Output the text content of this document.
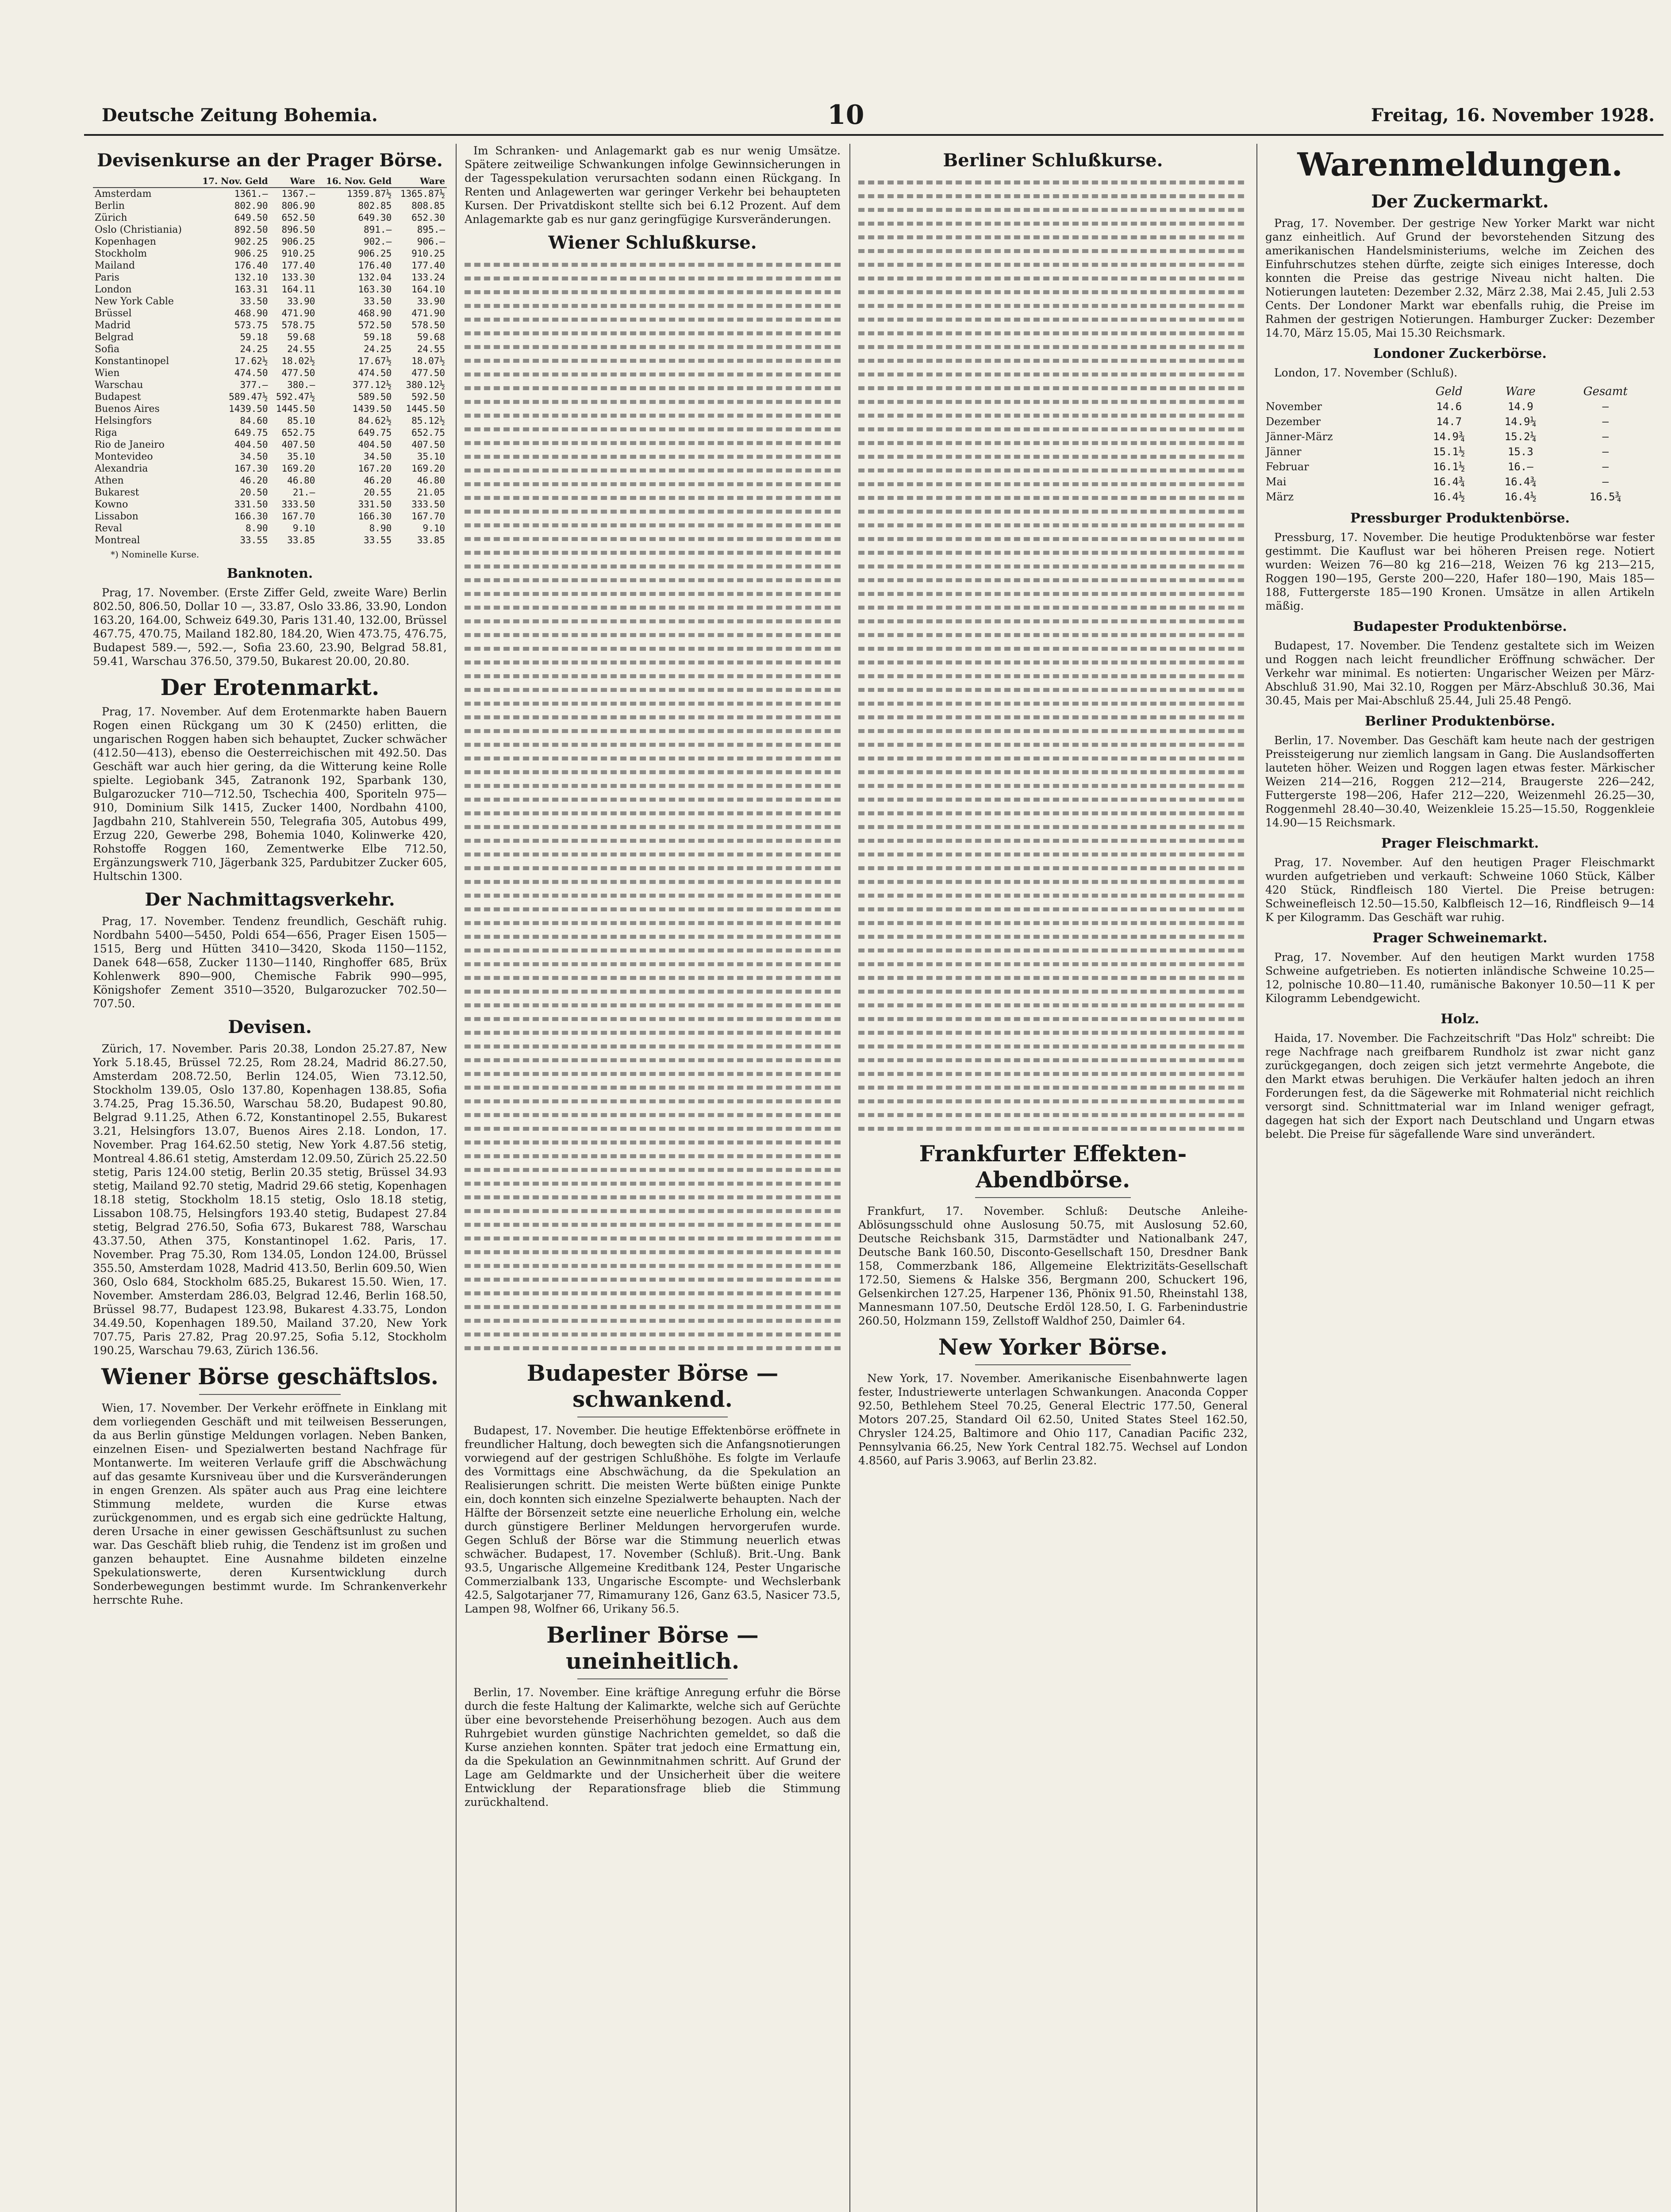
Deutsche Zeitung Bohemia.	10	Freitag, 16. November 1928.
Devisenkurse an der Prager Börse.
	17. Nov. Geld	Ware	16. Nov. Geld	Ware
Amsterdam	1361.—	1367.—	1359.87½	1365.87½
Berlin	802.90	806.90	802.85	808.85
Zürich	649.50	652.50	649.30	652.30
Oslo (Christiania)	892.50	896.50	891.—	895.—
Kopenhagen	902.25	906.25	902.—	906.—
Stockholm	906.25	910.25	906.25	910.25
Mailand	176.40	177.40	176.40	177.40
Paris	132.10	133.30	132.04	133.24
London	163.31	164.11	163.30	164.10
New York Cable	33.50	33.90	33.50	33.90
Brüssel	468.90	471.90	468.90	471.90
Madrid	573.75	578.75	572.50	578.50
Belgrad	59.18	59.68	59.18	59.68
Sofia	24.25	24.55	24.25	24.55
Konstantinopel	17.62½	18.02½	17.67½	18.07½
Wien	474.50	477.50	474.50	477.50
Warschau	377.—	380.—	377.12½	380.12½
Budapest	589.47½	592.47½	589.50	592.50
Buenos Aires	1439.50	1445.50	1439.50	1445.50
Helsingfors	84.60	85.10	84.62½	85.12½
Riga	649.75	652.75	649.75	652.75
Rio de Janeiro	404.50	407.50	404.50	407.50
Montevideo	34.50	35.10	34.50	35.10
Alexandria	167.30	169.20	167.20	169.20
Athen	46.20	46.80	46.20	46.80
Bukarest	20.50	21.—	20.55	21.05
Kowno	331.50	333.50	331.50	333.50
Lissabon	166.30	167.70	166.30	167.70
Reval	8.90	9.10	8.90	9.10
Montreal	33.55	33.85	33.55	33.85
*) Nominelle Kurse.
Banknoten.

Prag, 17. November. (Erste Ziffer Geld, zweite Ware) Berlin 802.50, 806.50, Dollar 10 —, 33.87, Oslo 33.86, 33.90, London 163.20, 164.00, Schweiz 649.30, Paris 131.40, 132.00, Brüssel 467.75, 470.75, Mailand 182.80, 184.20, Wien 473.75, 476.75, Budapest 589.—, 592.—, Sofia 23.60, 23.90, Belgrad 58.81, 59.41, Warschau 376.50, 379.50, Bukarest 20.00, 20.80.

Der Erotenmarkt.

Prag, 17. November. Auf dem Erotenmarkte haben Bauern Rogen einen Rückgang um 30 K (2450) erlitten, die ungarischen Roggen haben sich behauptet, Zucker schwächer (412.50—413), ebenso die Oesterreichischen mit 492.50. Das Geschäft war auch hier gering, da die Witterung keine Rolle spielte. Legiobank 345, Zatranonk 192, Sparbank 130, Bulgarozucker 710—712.50, Tschechia 400, Sporiteln 975—910, Dominium Silk 1415, Zucker 1400, Nordbahn 4100, Jagdbahn 210, Stahlverein 550, Telegrafia 305, Autobus 499, Erzug 220, Gewerbe 298, Bohemia 1040, Kolinwerke 420, Rohstoffe Roggen 160, Zementwerke Elbe 712.50, Ergänzungswerk 710, Jägerbank 325, Pardubitzer Zucker 605, Hultschin 1300.

Der Nachmittagsverkehr.

Prag, 17. November. Tendenz freundlich, Geschäft ruhig. Nordbahn 5400—5450, Poldi 654—656, Prager Eisen 1505—1515, Berg und Hütten 3410—3420, Skoda 1150—1152, Danek 648—658, Zucker 1130—1140, Ringhoffer 685, Brüx Kohlenwerk 890—900, Chemische Fabrik 990—995, Königshofer Zement 3510—3520, Bulgarozucker 702.50—707.50.

Devisen.

Zürich, 17. November. Paris 20.38, London 25.27.87, New York 5.18.45, Brüssel 72.25, Rom 28.24, Madrid 86.27.50, Amsterdam 208.72.50, Berlin 124.05, Wien 73.12.50, Stockholm 139.05, Oslo 137.80, Kopenhagen 138.85, Sofia 3.74.25, Prag 15.36.50, Warschau 58.20, Budapest 90.80, Belgrad 9.11.25, Athen 6.72, Konstantinopel 2.55, Bukarest 3.21, Helsingfors 13.07, Buenos Aires 2.18. London, 17. November. Prag 164.62.50 stetig, New York 4.87.56 stetig, Montreal 4.86.61 stetig, Amsterdam 12.09.50, Zürich 25.22.50 stetig, Paris 124.00 stetig, Berlin 20.35 stetig, Brüssel 34.93 stetig, Mailand 92.70 stetig, Madrid 29.66 stetig, Kopenhagen 18.18 stetig, Stockholm 18.15 stetig, Oslo 18.18 stetig, Lissabon 108.75, Helsingfors 193.40 stetig, Budapest 27.84 stetig, Belgrad 276.50, Sofia 673, Bukarest 788, Warschau 43.37.50, Athen 375, Konstantinopel 1.62. Paris, 17. November. Prag 75.30, Rom 134.05, London 124.00, Brüssel 355.50, Amsterdam 1028, Madrid 413.50, Berlin 609.50, Wien 360, Oslo 684, Stockholm 685.25, Bukarest 15.50. Wien, 17. November. Amsterdam 286.03, Belgrad 12.46, Berlin 168.50, Brüssel 98.77, Budapest 123.98, Bukarest 4.33.75, London 34.49.50, Kopenhagen 189.50, Mailand 37.20, New York 707.75, Paris 27.82, Prag 20.97.25, Sofia 5.12, Stockholm 190.25, Warschau 79.63, Zürich 136.56.

Wiener Börse geschäftslos.

Wien, 17. November. Der Verkehr eröffnete in Einklang mit dem vorliegenden Geschäft und mit teilweisen Besserungen, da aus Berlin günstige Meldungen vorlagen. Neben Banken, einzelnen Eisen- und Spezialwerten bestand Nachfrage für Montanwerte. Im weiteren Verlaufe griff die Abschwächung auf das gesamte Kursniveau über und die Kursveränderungen in engen Grenzen. Als später auch aus Prag eine leichtere Stimmung meldete, wurden die Kurse etwas zurückgenommen, und es ergab sich eine gedrückte Haltung, deren Ursache in einer gewissen Geschäftsunlust zu suchen war. Das Geschäft blieb ruhig, die Tendenz ist im großen und ganzen behauptet. Eine Ausnahme bildeten einzelne Spekulationswerte, deren Kursentwicklung durch Sonderbewegungen bestimmt wurde. Im Schrankenverkehr herrschte Ruhe.

Im Schranken- und Anlagemarkt gab es nur wenig Umsätze. Spätere zeitweilige Schwankungen infolge Gewinnsicherungen in der Tagesspekulation verursachten sodann einen Rückgang. In Renten und Anlagewerten war geringer Verkehr bei behaupteten Kursen. Der Privatdiskont stellte sich bei 6.12 Prozent. Auf dem Anlagemarkte gab es nur ganz geringfügige Kursveränderungen.

Wiener Schlußkurse.
Budapester Börse — schwankend.

Budapest, 17. November. Die heutige Effektenbörse eröffnete in freundlicher Haltung, doch bewegten sich die Anfangsnotierungen vorwiegend auf der gestrigen Schlußhöhe. Es folgte im Verlaufe des Vormittags eine Abschwächung, da die Spekulation an Realisierungen schritt. Die meisten Werte büßten einige Punkte ein, doch konnten sich einzelne Spezialwerte behaupten. Nach der Hälfte der Börsenzeit setzte eine neuerliche Erholung ein, welche durch günstigere Berliner Meldungen hervorgerufen wurde. Gegen Schluß der Börse war die Stimmung neuerlich etwas schwächer. Budapest, 17. November (Schluß). Brit.-Ung. Bank 93.5, Ungarische Allgemeine Kreditbank 124, Pester Ungarische Commerzialbank 133, Ungarische Escompte- und Wechslerbank 42.5, Salgotarjaner 77, Rimamurany 126, Ganz 63.5, Nasicer 73.5, Lampen 98, Wolfner 66, Urikany 56.5.

Berliner Börse — uneinheitlich.

Berlin, 17. November. Eine kräftige Anregung erfuhr die Börse durch die feste Haltung der Kalimarkte, welche sich auf Gerüchte über eine bevorstehende Preiserhöhung bezogen. Auch aus dem Ruhrgebiet wurden günstige Nachrichten gemeldet, so daß die Kurse anziehen konnten. Später trat jedoch eine Ermattung ein, da die Spekulation an Gewinnmitnahmen schritt. Auf Grund der Lage am Geldmarkte und der Unsicherheit über die weitere Entwicklung der Reparationsfrage blieb die Stimmung zurückhaltend.

Berliner Schlußkurse.
Frankfurter Effekten-Abendbörse.

Frankfurt, 17. November. Schluß: Deutsche Anleihe-Ablösungsschuld ohne Auslosung 50.75, mit Auslosung 52.60, Deutsche Reichsbank 315, Darmstädter und Nationalbank 247, Deutsche Bank 160.50, Disconto-Gesellschaft 150, Dresdner Bank 158, Commerzbank 186, Allgemeine Elektrizitäts-Gesellschaft 172.50, Siemens & Halske 356, Bergmann 200, Schuckert 196, Gelsenkirchen 127.25, Harpener 136, Phönix 91.50, Rheinstahl 138, Mannesmann 107.50, Deutsche Erdöl 128.50, I. G. Farbenindustrie 260.50, Holzmann 159, Zellstoff Waldhof 250, Daimler 64.

New Yorker Börse.

New York, 17. November. Amerikanische Eisenbahnwerte lagen fester, Industriewerte unterlagen Schwankungen. Anaconda Copper 92.50, Bethlehem Steel 70.25, General Electric 177.50, General Motors 207.25, Standard Oil 62.50, United States Steel 162.50, Chrysler 124.25, Baltimore and Ohio 117, Canadian Pacific 232, Pennsylvania 66.25, New York Central 182.75. Wechsel auf London 4.8560, auf Paris 3.9063, auf Berlin 23.82.

Warenmeldungen.
Der Zuckermarkt.

Prag, 17. November. Der gestrige New Yorker Markt war nicht ganz einheitlich. Auf Grund der bevorstehenden Sitzung des amerikanischen Handelsministeriums, welche im Zeichen des Einfuhrschutzes stehen dürfte, zeigte sich einiges Interesse, doch konnten die Preise das gestrige Niveau nicht halten. Die Notierungen lauteten: Dezember 2.32, März 2.38, Mai 2.45, Juli 2.53 Cents. Der Londoner Markt war ebenfalls ruhig, die Preise im Rahmen der gestrigen Notierungen. Hamburger Zucker: Dezember 14.70, März 15.05, Mai 15.30 Reichsmark.

Londoner Zuckerbörse.

London, 17. November (Schluß).

	Geld	Ware	Gesamt
November	14.6	14.9	—
Dezember	14.7	14.9¼	—
Jänner-März	14.9¾	15.2¼	—
Jänner	15.1½	15.3	—
Februar	16.1½	16.—	—
Mai	16.4¾	16.4¾	—
März	16.4½	16.4½	16.5¾
Pressburger Produktenbörse.

Pressburg, 17. November. Die heutige Produktenbörse war fester gestimmt. Die Kauflust war bei höheren Preisen rege. Notiert wurden: Weizen 76—80 kg 216—218, Weizen 76 kg 213—215, Roggen 190—195, Gerste 200—220, Hafer 180—190, Mais 185—188, Futtergerste 185—190 Kronen. Umsätze in allen Artikeln mäßig.

Budapester Produktenbörse.

Budapest, 17. November. Die Tendenz gestaltete sich im Weizen und Roggen nach leicht freundlicher Eröffnung schwächer. Der Verkehr war minimal. Es notierten: Ungarischer Weizen per März-Abschluß 31.90, Mai 32.10, Roggen per März-Abschluß 30.36, Mai 30.45, Mais per Mai-Abschluß 25.44, Juli 25.48 Pengö.

Berliner Produktenbörse.

Berlin, 17. November. Das Geschäft kam heute nach der gestrigen Preissteigerung nur ziemlich langsam in Gang. Die Auslandsofferten lauteten höher. Weizen und Roggen lagen etwas fester. Märkischer Weizen 214—216, Roggen 212—214, Braugerste 226—242, Futtergerste 198—206, Hafer 212—220, Weizenmehl 26.25—30, Roggenmehl 28.40—30.40, Weizenkleie 15.25—15.50, Roggenkleie 14.90—15 Reichsmark.

Prager Fleischmarkt.

Prag, 17. November. Auf den heutigen Prager Fleischmarkt wurden aufgetrieben und verkauft: Schweine 1060 Stück, Kälber 420 Stück, Rindfleisch 180 Viertel. Die Preise betrugen: Schweinefleisch 12.50—15.50, Kalbfleisch 12—16, Rindfleisch 9—14 K per Kilogramm. Das Geschäft war ruhig.

Prager Schweinemarkt.

Prag, 17. November. Auf den heutigen Markt wurden 1758 Schweine aufgetrieben. Es notierten inländische Schweine 10.25—12, polnische 10.80—11.40, rumänische Bakonyer 10.50—11 K per Kilogramm Lebendgewicht.

Holz.

Haida, 17. November. Die Fachzeitschrift "Das Holz" schreibt: Die rege Nachfrage nach greifbarem Rundholz ist zwar nicht ganz zurückgegangen, doch zeigen sich jetzt vermehrte Angebote, die den Markt etwas beruhigen. Die Verkäufer halten jedoch an ihren Forderungen fest, da die Sägewerke mit Rohmaterial nicht reichlich versorgt sind. Schnittmaterial war im Inland weniger gefragt, dagegen hat sich der Export nach Deutschland und Ungarn etwas belebt. Die Preise für sägefallende Ware sind unverändert.
